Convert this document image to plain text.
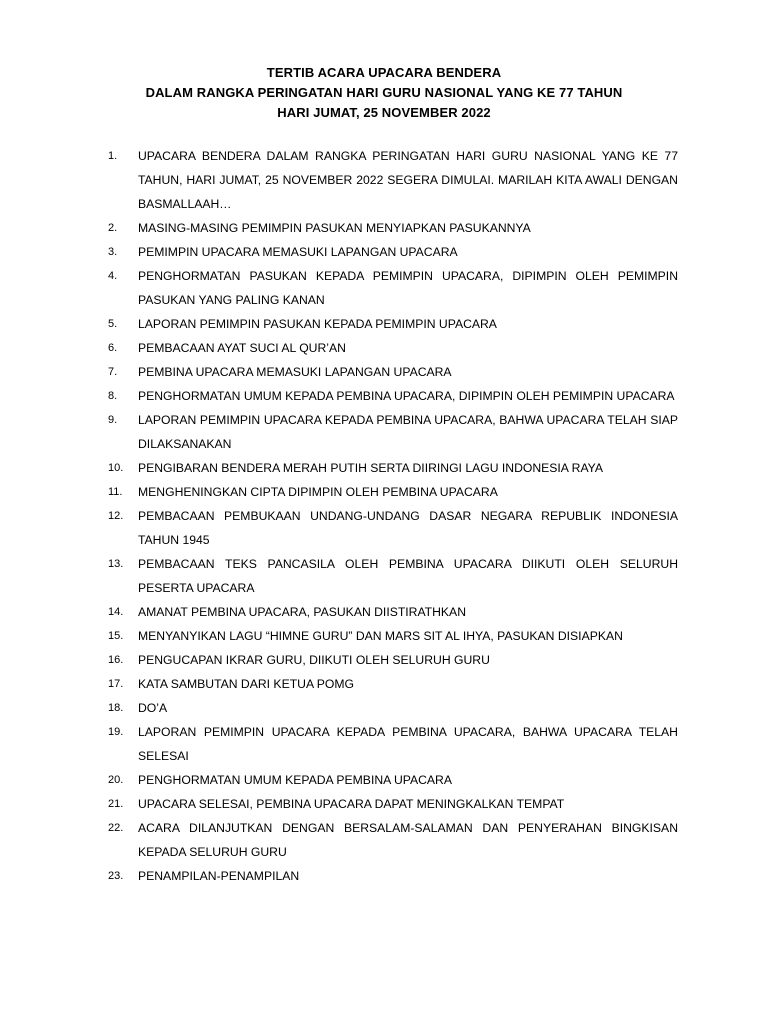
TERTIB ACARA UPACARA BENDERA
DALAM RANGKA PERINGATAN HARI GURU NASIONAL YANG KE 77 TAHUN
HARI JUMAT, 25 NOVEMBER 2022
1.	UPACARA BENDERA DALAM RANGKA PERINGATAN HARI GURU NASIONAL YANG KE 77 TAHUN, HARI JUMAT, 25 NOVEMBER 2022 SEGERA DIMULAI. MARILAH KITA AWALI DENGAN BASMALLAAH…
2.	MASING-MASING PEMIMPIN PASUKAN MENYIAPKAN PASUKANNYA
3.	PEMIMPIN UPACARA MEMASUKI LAPANGAN UPACARA
4.	PENGHORMATAN PASUKAN KEPADA PEMIMPIN UPACARA, DIPIMPIN OLEH PEMIMPIN PASUKAN YANG PALING KANAN
5.	LAPORAN PEMIMPIN PASUKAN KEPADA PEMIMPIN UPACARA
6.	PEMBACAAN AYAT SUCI AL QUR’AN
7.	PEMBINA UPACARA MEMASUKI LAPANGAN UPACARA
8.	PENGHORMATAN UMUM KEPADA PEMBINA UPACARA, DIPIMPIN OLEH PEMIMPIN UPACARA
9.	LAPORAN PEMIMPIN UPACARA KEPADA PEMBINA UPACARA, BAHWA UPACARA TELAH SIAP DILAKSANAKAN
10.	PENGIBARAN BENDERA MERAH PUTIH SERTA DIIRINGI LAGU INDONESIA RAYA
11.	MENGHENINGKAN CIPTA DIPIMPIN OLEH PEMBINA UPACARA
12.	PEMBACAAN PEMBUKAAN UNDANG-UNDANG DASAR NEGARA REPUBLIK INDONESIA TAHUN 1945
13.	PEMBACAAN TEKS PANCASILA OLEH PEMBINA UPACARA DIIKUTI OLEH SELURUH PESERTA UPACARA
14.	AMANAT PEMBINA UPACARA, PASUKAN DIISTIRATHKAN
15.	MENYANYIKAN LAGU “HIMNE GURU” DAN MARS SIT AL IHYA, PASUKAN DISIAPKAN
16.	PENGUCAPAN IKRAR GURU, DIIKUTI OLEH SELURUH GURU
17.	KATA SAMBUTAN DARI KETUA POMG
18.	DO’A
19.	LAPORAN PEMIMPIN UPACARA KEPADA PEMBINA UPACARA, BAHWA UPACARA TELAH SELESAI
20.	PENGHORMATAN UMUM KEPADA PEMBINA UPACARA
21.	UPACARA SELESAI, PEMBINA UPACARA DAPAT MENINGKALKAN TEMPAT
22.	ACARA DILANJUTKAN DENGAN BERSALAM-SALAMAN DAN PENYERAHAN BINGKISAN KEPADA SELURUH GURU
23.	PENAMPILAN-PENAMPILAN
